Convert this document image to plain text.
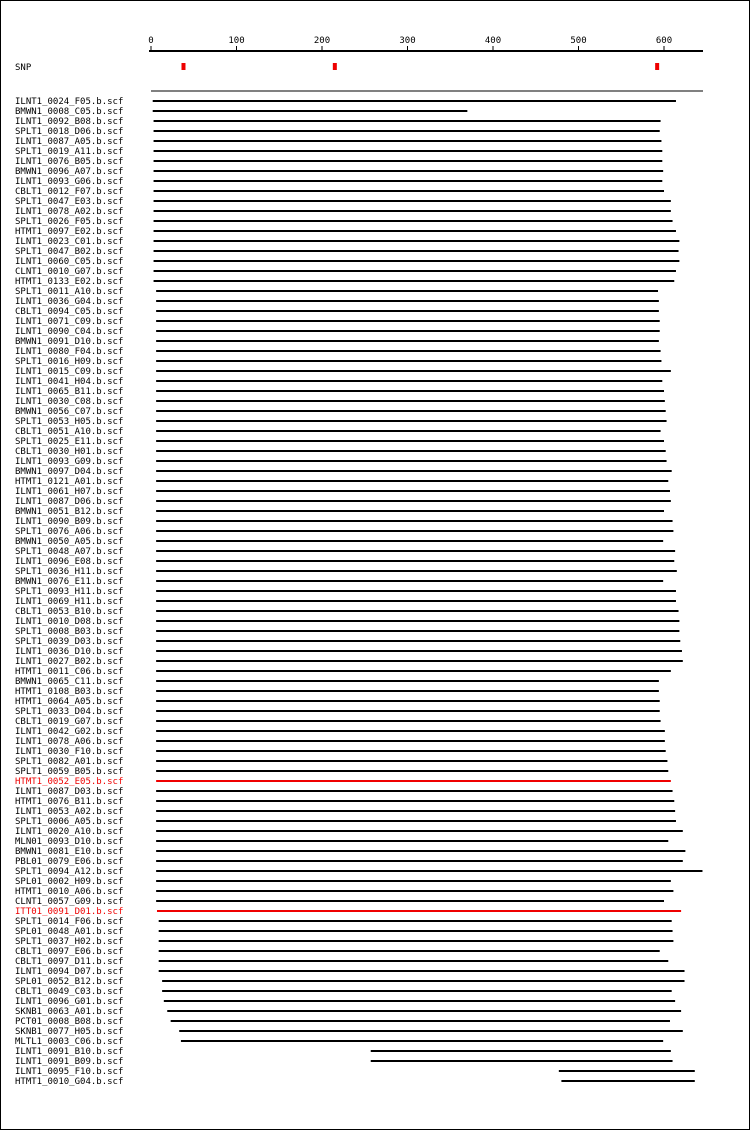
0	100	200	300	400	500	600
SNP
ILNT1_0024_F05.b.scf
BMWN1_0008_C05.b.scf
ILNT1_0092_B08.b.scf
SPLT1_0018_D06.b.scf
ILNT1_0087_A05.b.scf
SPLT1_0019_A11.b.scf
ILNT1_0076_B05.b.scf
BMWN1_0096_A07.b.scf
ILNT1_0093_G06.b.scf
CBLT1_0012_F07.b.scf
SPLT1_0047_E03.b.scf
ILNT1_0078_A02.b.scf
SPLT1_0026_F05.b.scf
HTMT1_0097_E02.b.scf
ILNT1_0023_C01.b.scf
SPLT1_0047_B02.b.scf
ILNT1_0060_C05.b.scf
CLNT1_0010_G07.b.scf
HTMT1_0133_E02.b.scf
SPLT1_0011_A10.b.scf
ILNT1_0036_G04.b.scf
CBLT1_0094_C05.b.scf
ILNT1_0071_C09.b.scf
ILNT1_0090_C04.b.scf
BMWN1_0091_D10.b.scf
ILNT1_0080_F04.b.scf
SPLT1_0016_H09.b.scf
ILNT1_0015_C09.b.scf
ILNT1_0041_H04.b.scf
ILNT1_0065_B11.b.scf
ILNT1_0030_C08.b.scf
BMWN1_0056_C07.b.scf
SPLT1_0053_H05.b.scf
CBLT1_0051_A10.b.scf
SPLT1_0025_E11.b.scf
CBLT1_0030_H01.b.scf
ILNT1_0093_G09.b.scf
BMWN1_0097_D04.b.scf
HTMT1_0121_A01.b.scf
ILNT1_0061_H07.b.scf
ILNT1_0087_D06.b.scf
BMWN1_0051_B12.b.scf
ILNT1_0090_B09.b.scf
SPLT1_0076_A06.b.scf
BMWN1_0050_A05.b.scf
SPLT1_0048_A07.b.scf
ILNT1_0096_E08.b.scf
SPLT1_0036_H11.b.scf
BMWN1_0076_E11.b.scf
SPLT1_0093_H11.b.scf
ILNT1_0069_H11.b.scf
CBLT1_0053_B10.b.scf
ILNT1_0010_D08.b.scf
SPLT1_0008_B03.b.scf
SPLT1_0039_D03.b.scf
ILNT1_0036_D10.b.scf
ILNT1_0027_B02.b.scf
HTMT1_0011_C06.b.scf
BMWN1_0065_C11.b.scf
HTMT1_0108_B03.b.scf
HTMT1_0064_A05.b.scf
SPLT1_0033_D04.b.scf
CBLT1_0019_G07.b.scf
ILNT1_0042_G02.b.scf
ILNT1_0078_A06.b.scf
ILNT1_0030_F10.b.scf
SPLT1_0082_A01.b.scf
SPLT1_0059_B05.b.scf
HTMT1_0052_E05.b.scf
ILNT1_0087_D03.b.scf
HTMT1_0076_B11.b.scf
ILNT1_0053_A02.b.scf
SPLT1_0006_A05.b.scf
ILNT1_0020_A10.b.scf
MLN01_0093_D10.b.scf
BMWN1_0081_E10.b.scf
PBL01_0079_E06.b.scf
SPLT1_0094_A12.b.scf
SPL01_0002_H09.b.scf
HTMT1_0010_A06.b.scf
CLNT1_0057_G09.b.scf
ITT01_0091_D01.b.scf
SPLT1_0014_F06.b.scf
SPL01_0048_A01.b.scf
SPLT1_0037_H02.b.scf
CBLT1_0097_E06.b.scf
CBLT1_0097_D11.b.scf
ILNT1_0094_D07.b.scf
SPL01_0052_B12.b.scf
CBLT1_0049_C03.b.scf
ILNT1_0096_G01.b.scf
SKNB1_0063_A01.b.scf
PCT01_0008_B08.b.scf
SKNB1_0077_H05.b.scf
MLTL1_0003_C06.b.scf
ILNT1_0091_B10.b.scf
ILNT1_0091_B09.b.scf
ILNT1_0095_F10.b.scf
HTMT1_0010_G04.b.scf
